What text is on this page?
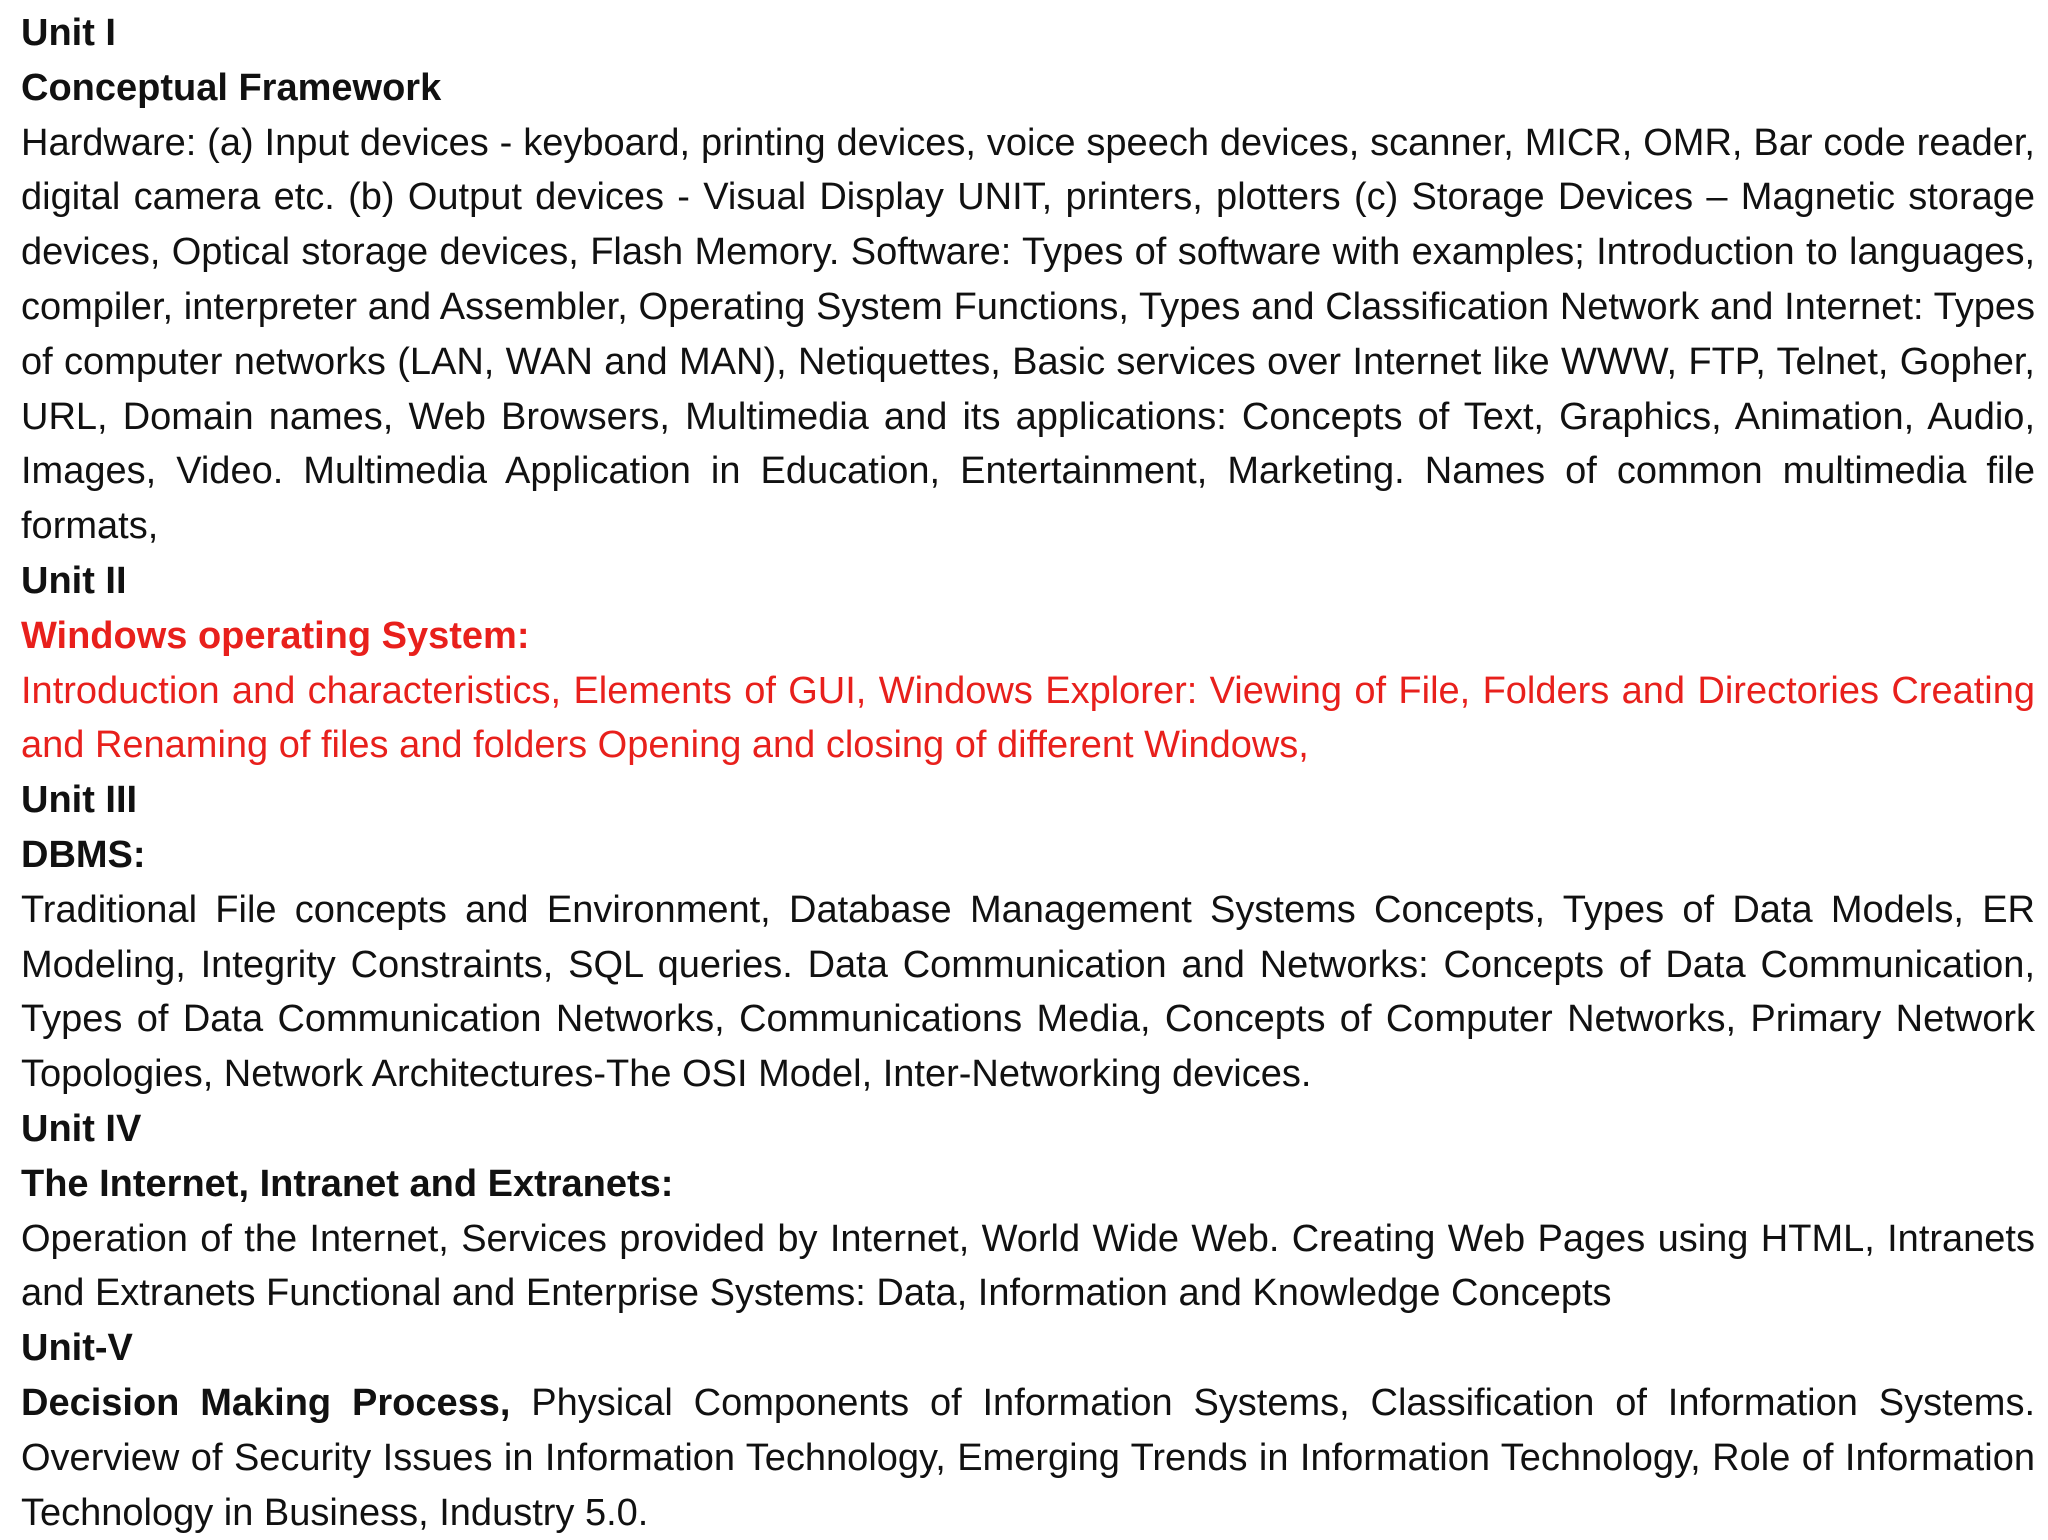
Unit I

Conceptual Framework

Hardware: (a) Input devices - keyboard, printing devices, voice speech devices, scanner, MICR, OMR, Bar code reader, digital camera etc. (b) Output devices - Visual Display UNIT, printers, plotters (c) Storage Devices – Magnetic storage devices, Optical storage devices, Flash Memory. Software: Types of software with examples; Introduction to languages, compiler, interpreter and Assembler, Operating System Functions, Types and Classification Network and Internet: Types of computer networks (LAN, WAN and MAN), Netiquettes, Basic services over Internet like WWW, FTP, Telnet, Gopher, URL, Domain names, Web Browsers, Multimedia and its applications: Concepts of Text, Graphics, Animation, Audio, Images, Video. Multimedia Application in Education, Entertainment, Marketing. Names of common multimedia file formats,

Unit II

Windows operating System:

Introduction and characteristics, Elements of GUI, Windows Explorer: Viewing of File, Folders and Directories Creating and Renaming of files and folders Opening and closing of different Windows,

Unit III

DBMS:

Traditional File concepts and Environment, Database Management Systems Concepts, Types of Data Models, ER Modeling, Integrity Constraints, SQL queries. Data Communication and Networks: Concepts of Data Communication, Types of Data Communication Networks, Communications Media, Concepts of Computer Networks, Primary Network Topologies, Network Architectures-The OSI Model, Inter-Networking devices.

Unit IV

The Internet, Intranet and Extranets:

Operation of the Internet, Services provided by Internet, World Wide Web. Creating Web Pages using HTML, Intranets and Extranets Functional and Enterprise Systems: Data, Information and Knowledge Concepts

Unit-V

Decision Making Process, Physical Components of Information Systems, Classification of Information Systems. Overview of Security Issues in Information Technology, Emerging Trends in Information Technology, Role of Information Technology in Business, Industry 5.0.
